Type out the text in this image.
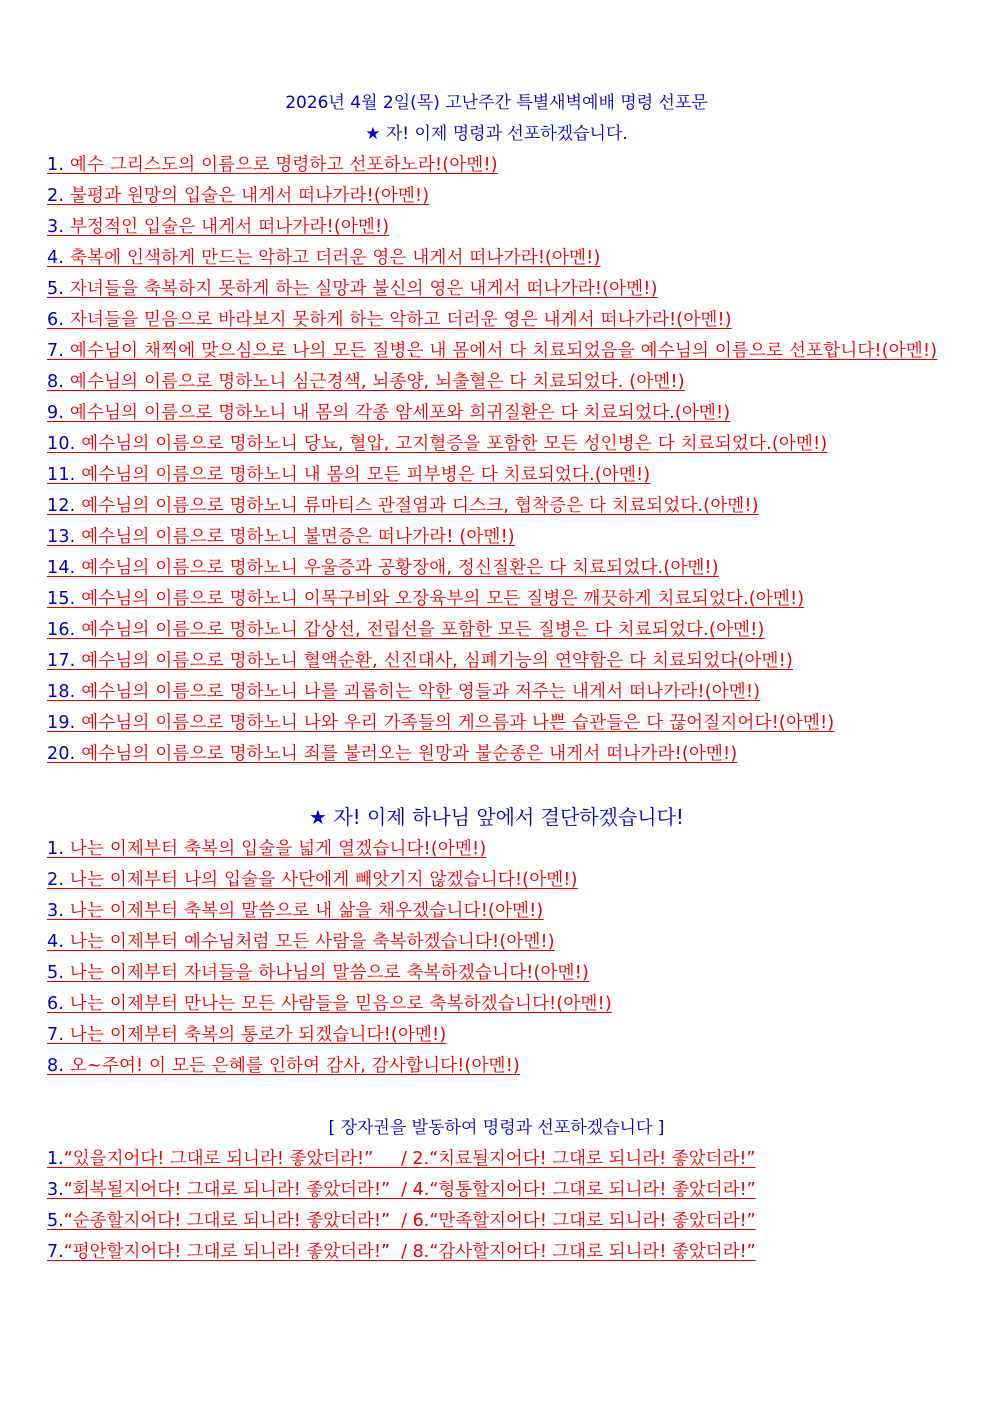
2026년 4월 2일(목) 고난주간 특별새벽예배 명령 선포문
★ 자! 이제 명령과 선포하겠습니다.
1. 예수 그리스도의 이름으로 명령하고 선포하노라!(아멘!)
2. 불평과 원망의 입술은 내게서 떠나가라!(아멘!)
3. 부정적인 입술은 내게서 떠나가라!(아멘!)
4. 축복에 인색하게 만드는 악하고 더러운 영은 내게서 떠나가라!(아멘!)
5. 자녀들을 축복하지 못하게 하는 실망과 불신의 영은 내게서 떠나가라!(아멘!)
6. 자녀들을 믿음으로 바라보지 못하게 하는 악하고 더러운 영은 내게서 떠나가라!(아멘!)
7. 예수님이 채찍에 맞으심으로 나의 모든 질병은 내 몸에서 다 치료되었음을 예수님의 이름으로 선포합니다!(아멘!)
8. 예수님의 이름으로 명하노니 심근경색, 뇌종양, 뇌출혈은 다 치료되었다. (아멘!)
9. 예수님의 이름으로 명하노니 내 몸의 각종 암세포와 희귀질환은 다 치료되었다.(아멘!)
10. 예수님의 이름으로 명하노니 당뇨, 혈압, 고지혈증을 포함한 모든 성인병은 다 치료되었다.(아멘!)
11. 예수님의 이름으로 명하노니 내 몸의 모든 피부병은 다 치료되었다.(아멘!)
12. 예수님의 이름으로 명하노니 류마티스 관절염과 디스크, 협착증은 다 치료되었다.(아멘!)
13. 예수님의 이름으로 명하노니 불면증은 떠나가라! (아멘!)
14. 예수님의 이름으로 명하노니 우울증과 공황장애, 정신질환은 다 치료되었다.(아멘!)
15. 예수님의 이름으로 명하노니 이목구비와 오장육부의 모든 질병은 깨끗하게 치료되었다.(아멘!)
16. 예수님의 이름으로 명하노니 갑상선, 전립선을 포함한 모든 질병은 다 치료되었다.(아멘!)
17. 예수님의 이름으로 명하노니 혈액순환, 신진대사, 심폐기능의 연약함은 다 치료되었다(아멘!)
18. 예수님의 이름으로 명하노니 나를 괴롭히는 악한 영들과 저주는 내게서 떠나가라!(아멘!)
19. 예수님의 이름으로 명하노니 나와 우리 가족들의 게으름과 나쁜 습관들은 다 끊어질지어다!(아멘!)
20. 예수님의 이름으로 명하노니 죄를 불러오는 원망과 불순종은 내게서 떠나가라!(아멘!)
★ 자! 이제 하나님 앞에서 결단하겠습니다!
1. 나는 이제부터 축복의 입술을 넓게 열겠습니다!(아멘!)
2. 나는 이제부터 나의 입술을 사단에게 빼앗기지 않겠습니다!(아멘!)
3. 나는 이제부터 축복의 말씀으로 내 삶을 채우겠습니다!(아멘!)
4. 나는 이제부터 예수님처럼 모든 사람을 축복하겠습니다!(아멘!)
5. 나는 이제부터 자녀들을 하나님의 말씀으로 축복하겠습니다!(아멘!)
6. 나는 이제부터 만나는 모든 사람들을 믿음으로 축복하겠습니다!(아멘!)
7. 나는 이제부터 축복의 통로가 되겠습니다!(아멘!)
8. 오~주여! 이 모든 은혜를 인하여 감사, 감사합니다!(아멘!)
[ 장자권을 발동하여 명령과 선포하겠습니다 ]
1.“있을지어다! 그대로 되니라! 좋았더라!”     / 2.“치료될지어다! 그대로 되니라! 좋았더라!”
3.“회복될지어다! 그대로 되니라! 좋았더라!”  / 4.“형통할지어다! 그대로 되니라! 좋았더라!”
5.“순종할지어다! 그대로 되니라! 좋았더라!”  / 6.“만족할지어다! 그대로 되니라! 좋았더라!”
7.“평안할지어다! 그대로 되니라! 좋았더라!”  / 8.“감사할지어다! 그대로 되니라! 좋았더라!”
